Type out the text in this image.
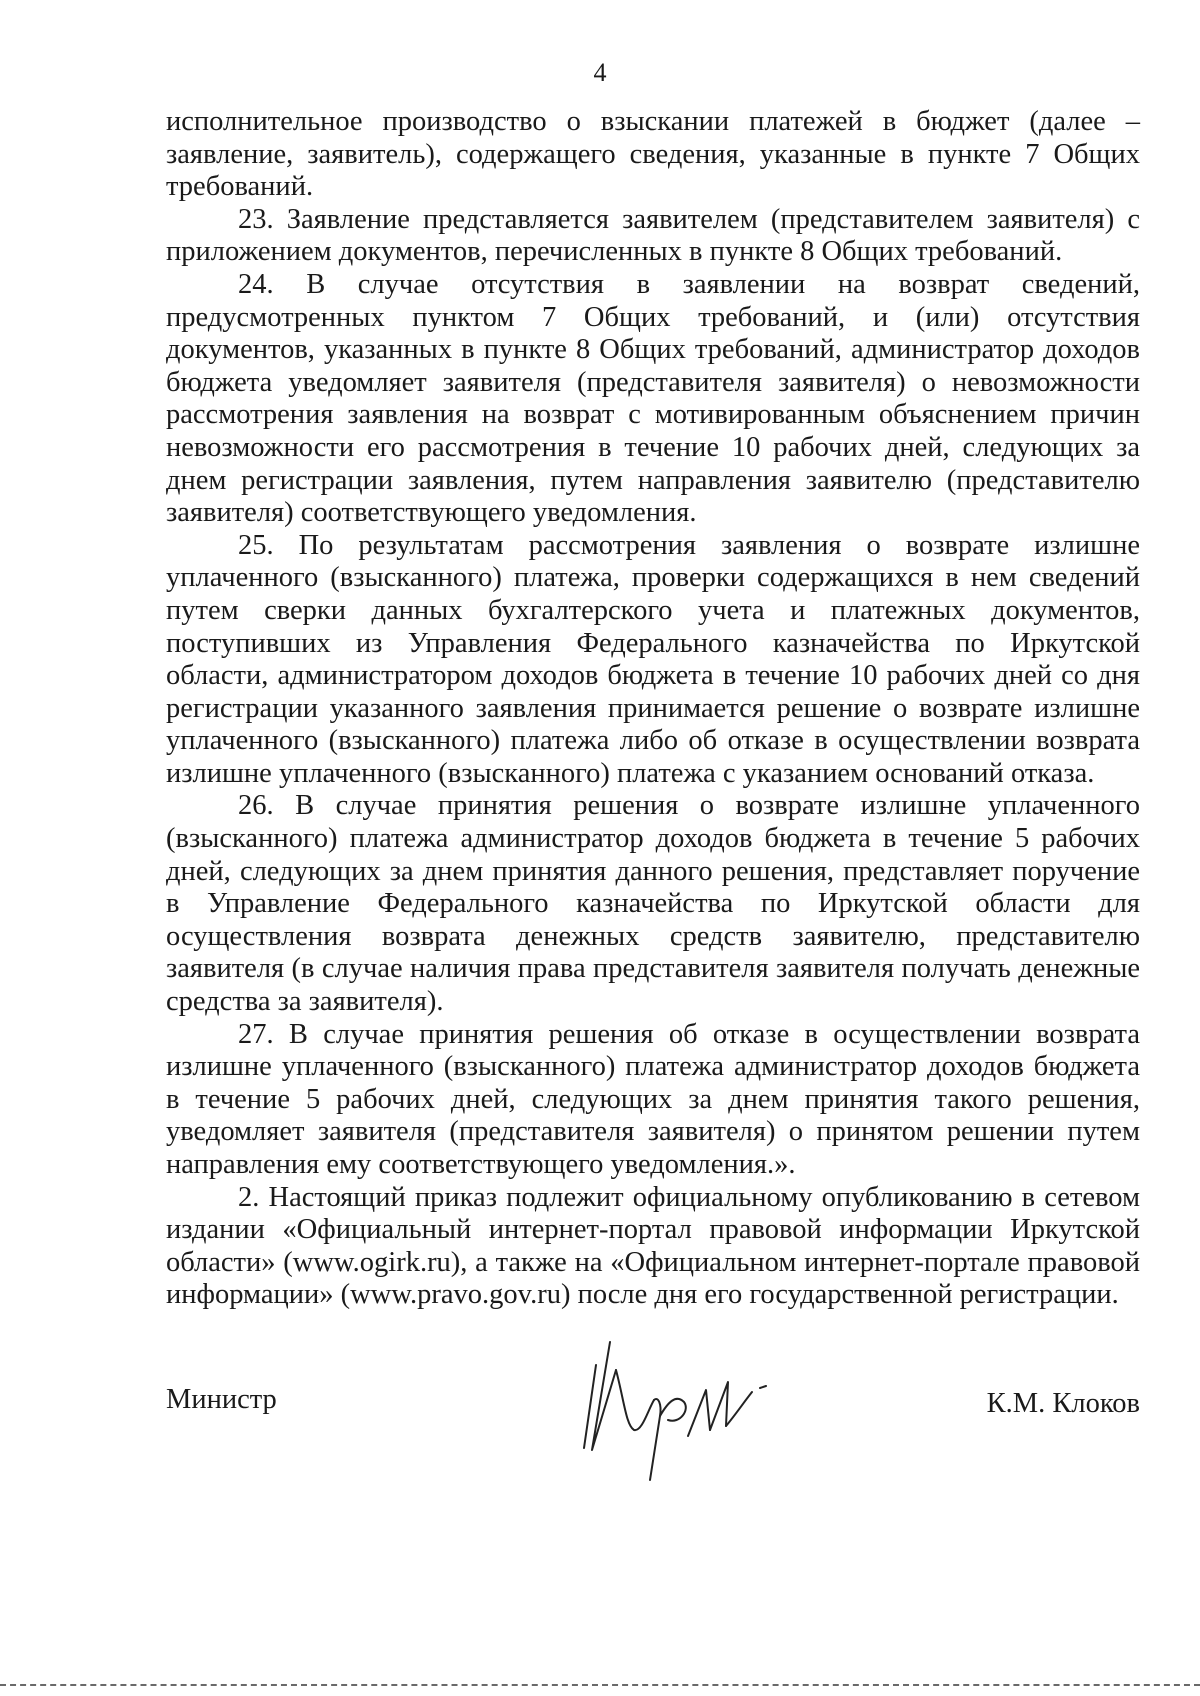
4

исполнительное производство о взыскании платежей в бюджет (далее – заявление, заявитель), содержащего сведения, указанные в пункте 7 Общих требований.

23. Заявление представляется заявителем (представителем заявителя) с приложением документов, перечисленных в пункте 8 Общих требований.

24. В случае отсутствия в заявлении на возврат сведений, предусмотренных пунктом 7 Общих требований, и (или) отсутствия документов, указанных в пункте 8 Общих требований, администратор доходов бюджета уведомляет заявителя (представителя заявителя) о невозможности рассмотрения заявления на возврат с мотивированным объяснением причин невозможности его рассмотрения в течение 10 рабочих дней, следующих за днем регистрации заявления, путем направления заявителю (представителю заявителя) соответствующего уведомления.

25. По результатам рассмотрения заявления о возврате излишне уплаченного (взысканного) платежа, проверки содержащихся в нем сведений путем сверки данных бухгалтерского учета и платежных документов, поступивших из Управления Федерального казначейства по Иркутской области, администратором доходов бюджета в течение 10 рабочих дней со дня регистрации указанного заявления принимается решение о возврате излишне уплаченного (взысканного) платежа либо об отказе в осуществлении возврата излишне уплаченного (взысканного) платежа с указанием оснований отказа.

26. В случае принятия решения о возврате излишне уплаченного (взысканного) платежа администратор доходов бюджета в течение 5 рабочих дней, следующих за днем принятия данного решения, представляет поручение в Управление Федерального казначейства по Иркутской области для осуществления возврата денежных средств заявителю, представителю заявителя (в случае наличия права представителя заявителя получать денежные средства за заявителя).

27. В случае принятия решения об отказе в осуществлении возврата излишне уплаченного (взысканного) платежа администратор доходов бюджета в течение 5 рабочих дней, следующих за днем принятия такого решения, уведомляет заявителя (представителя заявителя) о принятом решении путем направления ему соответствующего уведомления.».

2. Настоящий приказ подлежит официальному опубликованию в сетевом издании «Официальный интернет-портал правовой информации Иркутской области» (www.ogirk.ru), а также на «Официальном интернет-портале правовой информации» (www.pravo.gov.ru) после дня его государственной регистрации.

Министр	К.М. Клоков
